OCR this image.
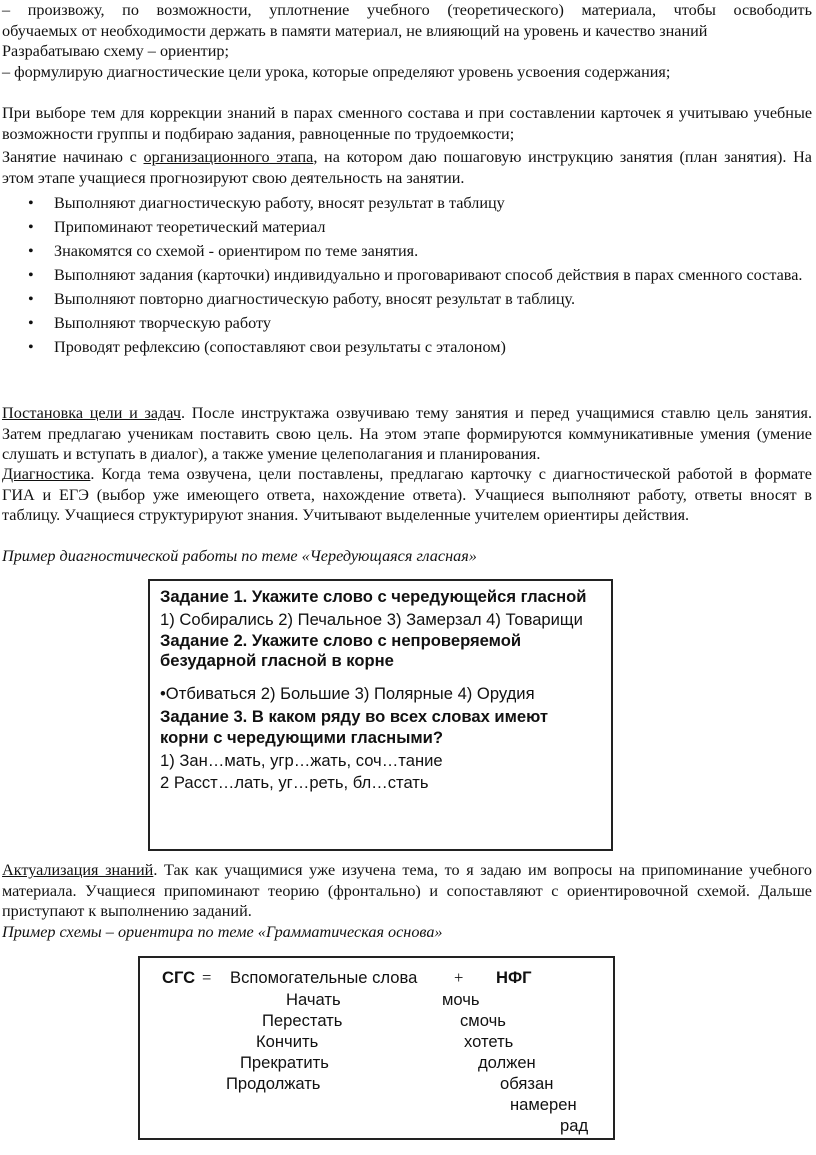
– произвожу, по возможности, уплотнение учебного (теоретического) материала, чтобы освободить
обучаемых от необходимости держать в памяти материал, не влияющий на уровень и качество знаний
Разрабатываю схему – ориентир;
– формулирую диагностические цели урока, которые определяют уровень усвоения содержания;

При выборе тем для коррекции знаний в парах сменного состава и при составлении карточек я учитываю учебные возможности группы и подбираю задания, равноценные по трудоемкости;

Занятие начинаю с организационного этапа, на котором даю пошаговую инструкцию занятия (план занятия). На этом этапе учащиеся прогнозируют свою деятельность на занятии.

• Выполняют диагностическую работу, вносят результат в таблицу
• Припоминают теоретический материал
• Знакомятся со схемой - ориентиром по теме занятия.
• Выполняют задания (карточки) индивидуально и проговаривают способ действия в парах сменного состава.
• Выполняют повторно диагностическую работу, вносят результат в таблицу.
• Выполняют творческую работу
• Проводят рефлексию (сопоставляют свои результаты с эталоном)

Постановка цели и задач. После инструктажа озвучиваю тему занятия и перед учащимися ставлю цель занятия. Затем предлагаю ученикам поставить свою цель. На этом этапе формируются коммуникативные умения (умение слушать и вступать в диалог), а также умение целеполагания и планирования.

Диагностика. Когда тема озвучена, цели поставлены, предлагаю карточку с диагностической работой в формате ГИА и ЕГЭ (выбор уже имеющего ответа, нахождение ответа). Учащиеся выполняют работу, ответы вносят в таблицу. Учащиеся структурируют знания. Учитывают выделенные учителем ориентиры действия.

Пример диагностической работы по теме «Чередующаяся гласная»

Задание 1. Укажите слово с чередующейся гласной
1) Собирались 2) Печальное 3) Замерзал 4) Товарищи
Задание 2. Укажите слово с непроверяемой безударной гласной в корне
•Отбиваться 2) Большие 3) Полярные 4) Орудия
Задание 3. В каком ряду во всех словах имеют корни с чередующими гласными?
1) Зан…мать, угр…жать, соч…тание
2 Расст…лать, уг…реть, бл…стать

Актуализация знаний. Так как учащимися уже изучена тема, то я задаю им вопросы на припоминание учебного материала. Учащиеся припоминают теорию (фронтально) и сопоставляют с ориентировочной схемой. Дальше приступают к выполнению заданий.

Пример схемы – ориентира по теме «Грамматическая основа»

СГС = Вспомогательные слова + НФГ
Начать
Перестать
Кончить
Прекратить
Продолжать
мочь
смочь
хотеть
должен
обязан
намерен
рад
